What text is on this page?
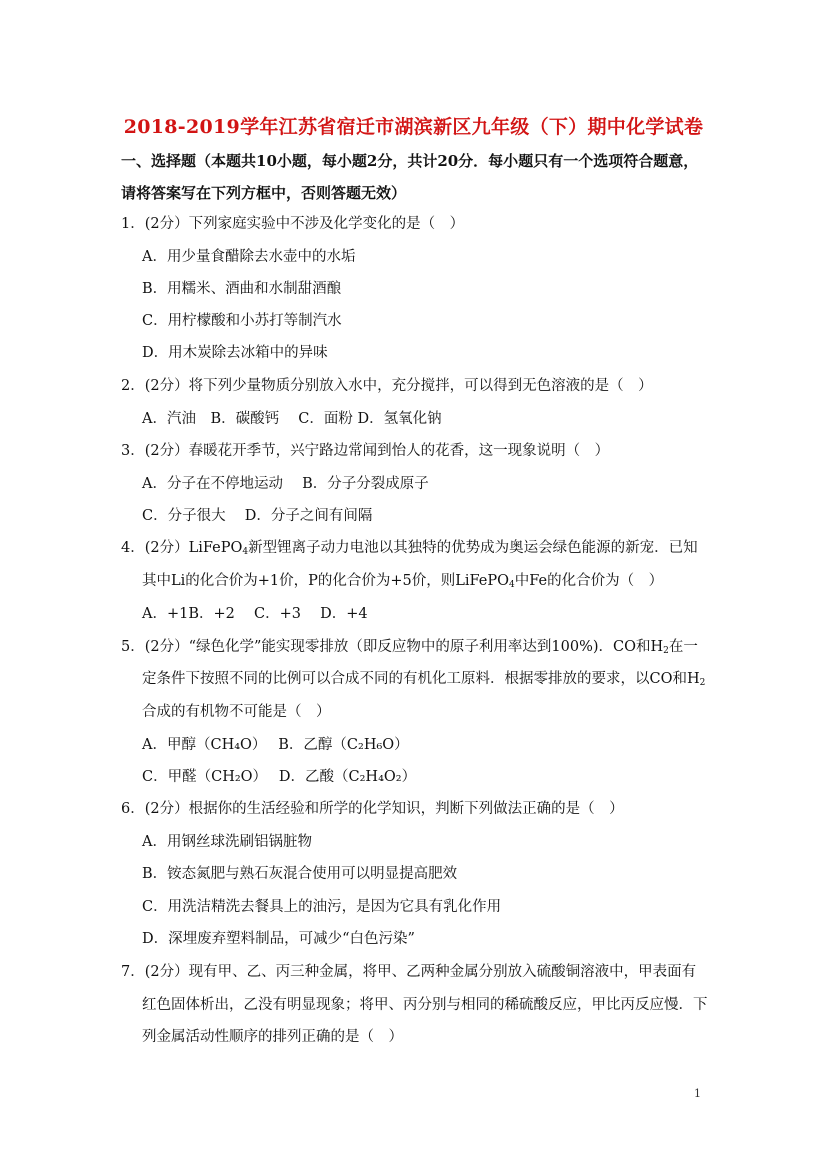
2018-2019学年江苏省宿迁市湖滨新区九年级（下）期中化学试卷
一、选择题（本题共10小题，每小题2分，共计20分．每小题只有一个选项符合题意，
请将答案写在下列方框中，否则答题无效）
1．(2分）下列家庭实验中不涉及化学变化的是（　）
A．用少量食醋除去水壶中的水垢
B．用糯米、酒曲和水制甜酒酿
C．用柠檬酸和小苏打等制汽水
D．用木炭除去冰箱中的异味
2．(2分）将下列少量物质分别放入水中，充分搅拌，可以得到无色溶液的是（　）
A．汽油　B．碳酸钙　 C．面粉 D．氢氧化钠
3．(2分）春暖花开季节，兴宁路边常闻到怡人的花香，这一现象说明（　）
A．分子在不停地运动　 B．分子分裂成原子
C．分子很大　 D．分子之间有间隔
4．(2分）LiFePO$_4$新型锂离子动力电池以其独特的优势成为奥运会绿色能源的新宠．已知
其中Li的化合价为+1价，P的化合价为+5价，则LiFePO$_4$中Fe的化合价为（　）
A．+1B．+2　 C．+3　 D．+4
5．(2分）“绿色化学”能实现零排放（即反应物中的原子利用率达到100%)．CO和$H_2$在一
定条件下按照不同的比例可以合成不同的有机化工原料．根据零排放的要求，以CO和$H_2$
合成的有机物不可能是（　）
A．甲醇（CH₄O）　 B．乙醇（C₂H₆O）
C．甲醛（CH₂O）　 D．乙酸（C₂H₄O₂）
6．(2分）根据你的生活经验和所学的化学知识，判断下列做法正确的是（　）
A．用钢丝球洗刷铝锅脏物
B．铵态氮肥与熟石灰混合使用可以明显提高肥效
C．用洗洁精洗去餐具上的油污，是因为它具有乳化作用
D．深埋废弃塑料制品，可减少“白色污染”
7．(2分）现有甲、乙、丙三种金属，将甲、乙两种金属分别放入硫酸铜溶液中，甲表面有
红色固体析出，乙没有明显现象；将甲、丙分别与相同的稀硫酸反应，甲比丙反应慢．下
列金属活动性顺序的排列正确的是（　）
1
